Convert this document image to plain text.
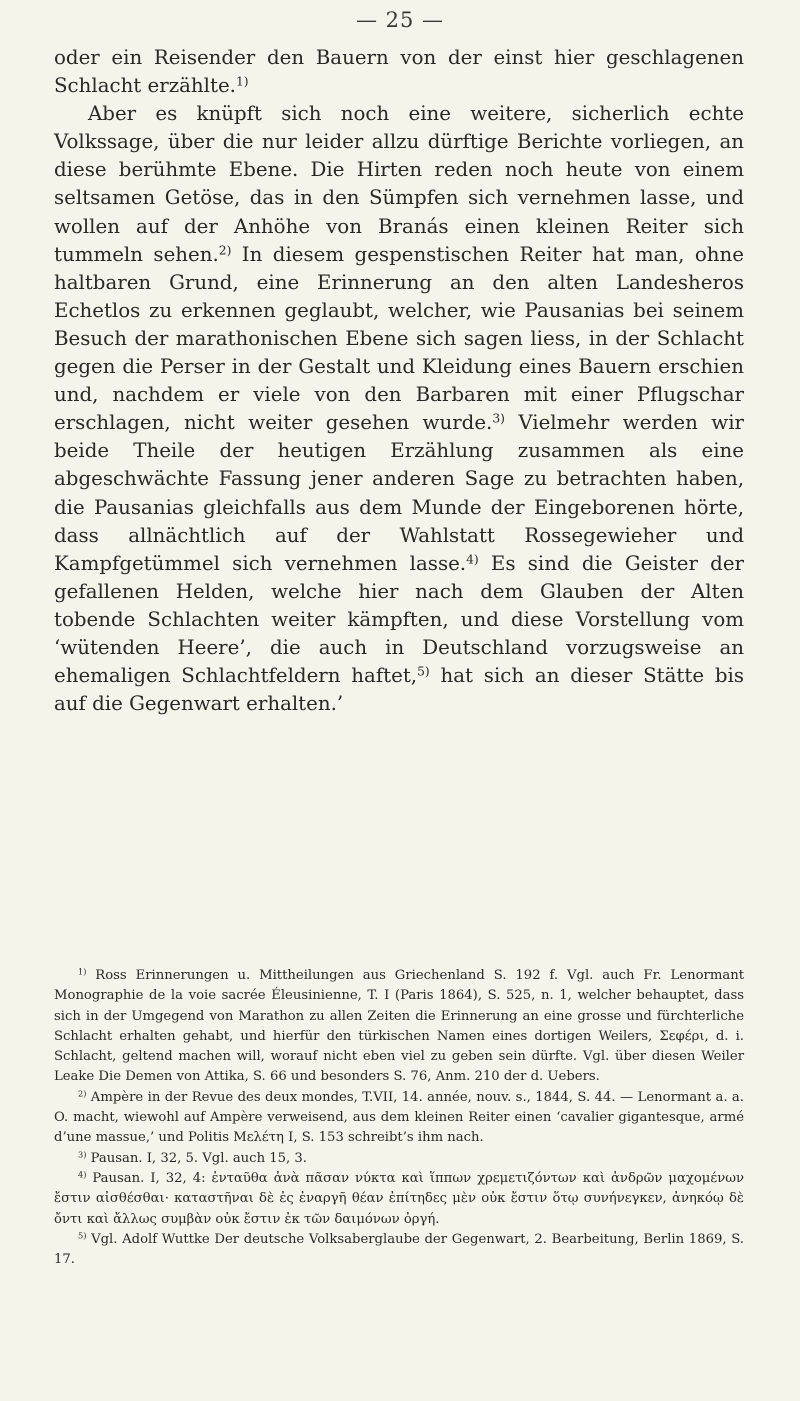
— 25 —

oder ein Reisender den Bauern von der einst hier geschlagenen Schlacht erzählte.$^{1)}$

Aber es knüpft sich noch eine weitere, sicherlich echte Volkssage, über die nur leider allzu dürftige Berichte vorliegen, an diese berühmte Ebene. Die Hirten reden noch heute von einem seltsamen Getöse, das in den Sümpfen sich vernehmen lasse, und wollen auf der Anhöhe von Branás einen kleinen Reiter sich tummeln sehen.$^{2)}$ In diesem gespenstischen Reiter hat man, ohne haltbaren Grund, eine Erinnerung an den alten Landesheros Echetlos zu erkennen geglaubt, welcher, wie Pausanias bei seinem Besuch der marathonischen Ebene sich sagen liess, in der Schlacht gegen die Perser in der Gestalt und Kleidung eines Bauern erschien und, nachdem er viele von den Barbaren mit einer Pflugschar erschlagen, nicht weiter gesehen wurde.$^{3)}$ Vielmehr werden wir beide Theile der heutigen Erzählung zusammen als eine abgeschwächte Fassung jener anderen Sage zu betrachten haben, die Pausanias gleichfalls aus dem Munde der Eingeborenen hörte, dass allnächtlich auf der Wahlstatt Rossegewieher und Kampfgetümmel sich vernehmen lasse.$^{4)}$ Es sind die Geister der gefallenen Helden, welche hier nach dem Glauben der Alten tobende Schlachten weiter kämpften, und diese Vorstellung vom ‘wütenden Heere’, die auch in Deutschland vorzugsweise an ehemaligen Schlachtfeldern haftet,$^{5)}$ hat sich an dieser Stätte bis auf die Gegenwart erhalten.’

$^{1)}$ Ross Erinnerungen u. Mittheilungen aus Griechenland S. 192 f. Vgl. auch Fr. Lenormant Monographie de la voie sacrée Éleusinienne, T. I (Paris 1864), S. 525, n. 1, welcher behauptet, dass sich in der Umgegend von Marathon zu allen Zeiten die Erinnerung an eine grosse und fürchterliche Schlacht erhalten gehabt, und hierfür den türkischen Namen eines dortigen Weilers, Σεφέρι, d. i. Schlacht, geltend machen will, worauf nicht eben viel zu geben sein dürfte. Vgl. über diesen Weiler Leake Die Demen von Attika, S. 66 und besonders S. 76, Anm. 210 der d. Uebers.

$^{2)}$ Ampère in der Revue des deux mondes, T.VII, 14. année, nouv. s., 1844, S. 44. — Lenormant a. a. O. macht, wiewohl auf Ampère verweisend, aus dem kleinen Reiter einen ‘cavalier gigantesque, armé d’une massue,’ und Politis Μελέτη I, S. 153 schreibt’s ihm nach.

$^{3)}$ Pausan. I, 32, 5. Vgl. auch 15, 3.

$^{4)}$ Pausan. I, 32, 4: ἐνταῦθα ἀνὰ πᾶσαν νύκτα καὶ ἵππων χρεμετιζόντων καὶ ἀνδρῶν μαχομένων ἔστιν αἰσθέσθαι· καταστῆναι δὲ ἐς ἐναργῆ θέαν ἐπίτηδες μὲν οὐκ ἔστιν ὅτῳ συνήνεγκεν, ἀνηκόῳ δὲ ὄντι καὶ ἄλλως συμβὰν οὐκ ἔστιν ἐκ τῶν δαιμόνων ὀργή.

$^{5)}$ Vgl. Adolf Wuttke Der deutsche Volksaberglaube der Gegenwart, 2. Bearbeitung, Berlin 1869, S. 17.
